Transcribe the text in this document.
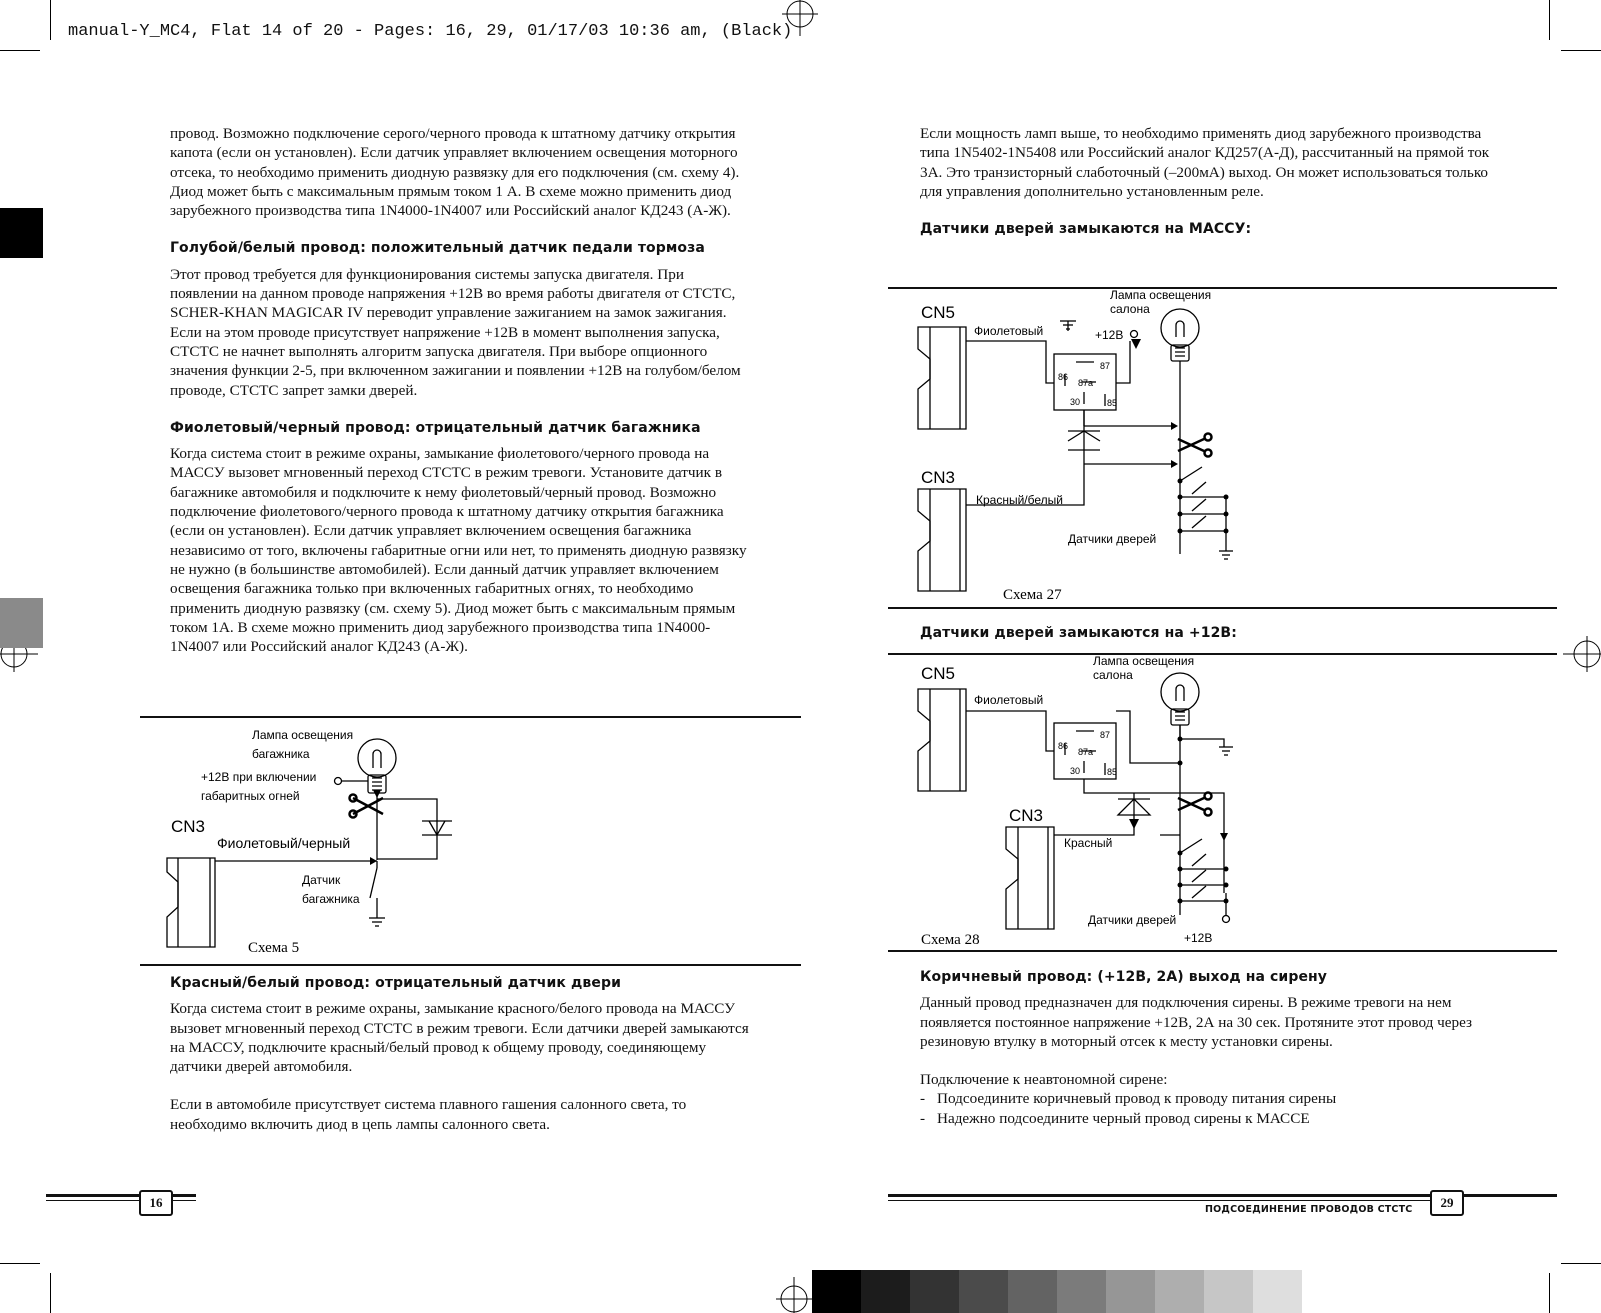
manual-Y_MC4, Flat 14 of 20 - Pages: 16, 29, 01/17/03 10:36 am, (Black)

провод. Возможно подключение серого/черного провода к штатному датчику открытия капота (если он установлен). Если датчик управляет включением освещения моторного отсека, то необходимо применить диодную развязку для его подключения (см. схему 4). Диод может быть с максимальным прямым током 1 А. В схеме можно применить диод зарубежного производства типа 1N4000-1N4007 или Российский аналог КД243 (А-Ж).

Голубой/белый провод: положительный датчик педали тормоза

Этот провод требуется для функционирования системы запуска двигателя. При появлении на данном проводе напряжения +12В во время работы двигателя от СТСТС, SCHER-KHAN MAGICAR IV переводит управление зажиганием на замок зажигания. Если на этом проводе присутствует напряжение +12В в момент выполнения запуска, СТСТС не начнет выполнять алгоритм запуска двигателя. При выборе опционного значения функции 2-5, при включенном зажигании и появлении +12В на голубом/белом проводе, СТСТС запрет замки дверей.

Фиолетовый/черный провод: отрицательный датчик багажника

Когда система стоит в режиме охраны, замыкание фиолетового/черного провода на МАССУ вызовет мгновенный переход СТСТС в режим тревоги. Установите датчик в багажнике автомобиля и подключите к нему фиолетовый/черный провод. Возможно подключение фиолетового/черного провода к штатному датчику открытия багажника (если он установлен). Если датчик управляет включением освещения багажника независимо от того, включены габаритные огни или нет, то применять диодную развязку не нужно (в большинстве автомобилей). Если данный датчик управляет включением освещения багажника только при включенных габаритных огнях, то необходимо применить диодную развязку (см. схему 5). Диод может быть с максимальным прямым током 1А. В схеме можно применить диод зарубежного производства типа 1N4000-1N4007 или Российский аналог КД243 (А-Ж).

Лампа освещения
багажника
+12В при включении
габаритных огней
CN3
Фиолетовый/черный
Датчик
багажника
Схема 5
Красный/белый провод: отрицательный датчик двери

Когда система стоит в режиме охраны, замыкание красного/белого провода на МАССУ вызовет мгновенный переход СТСТС в режим тревоги. Если датчики дверей замыкаются на МАССУ, подключите красный/белый провод к общему проводу, соединяющему датчики дверей автомобиля.

Если в автомобиле присутствует система плавного гашения салонного света, то необходимо включить диод в цепь лампы салонного света.

16

Если мощность ламп выше, то необходимо применять диод зарубежного производства типа 1N5402-1N5408 или Российский аналог КД257(А-Д), рассчитанный на прямой ток 3А. Это транзисторный слаботочный (–200мА) выход. Он может использоваться только для управления дополнительно установленным реле.

Датчики дверей замыкаются на МАССУ:
CN5
Лампа освещения
салона
Фиолетовый	+12В
87
86
87a
30	85
CN3
Красный/белый
Датчики дверей
Схема 27
Датчики дверей замыкаются на +12В:
CN5
Лампа освещения
салона
Фиолетовый
87
86
87a
30	85
CN3
Красный
Датчики дверей
+12В
Схема 28
Коричневый провод: (+12В, 2А) выход на сирену

Данный провод предназначен для подключения сирены. В режиме тревоги на нем появляется постоянное напряжение +12В, 2А на 30 сек. Протяните этот провод через резиновую втулку в моторный отсек к месту установки сирены.

Подключение к неавтономной сирене:

- Подсоедините коричневый провод к проводу питания сирены

- Надежно подсоедините черный провод сирены к МАССЕ

ПОДСОЕДИНЕНИЕ ПРОВОДОВ СТСТС	29
